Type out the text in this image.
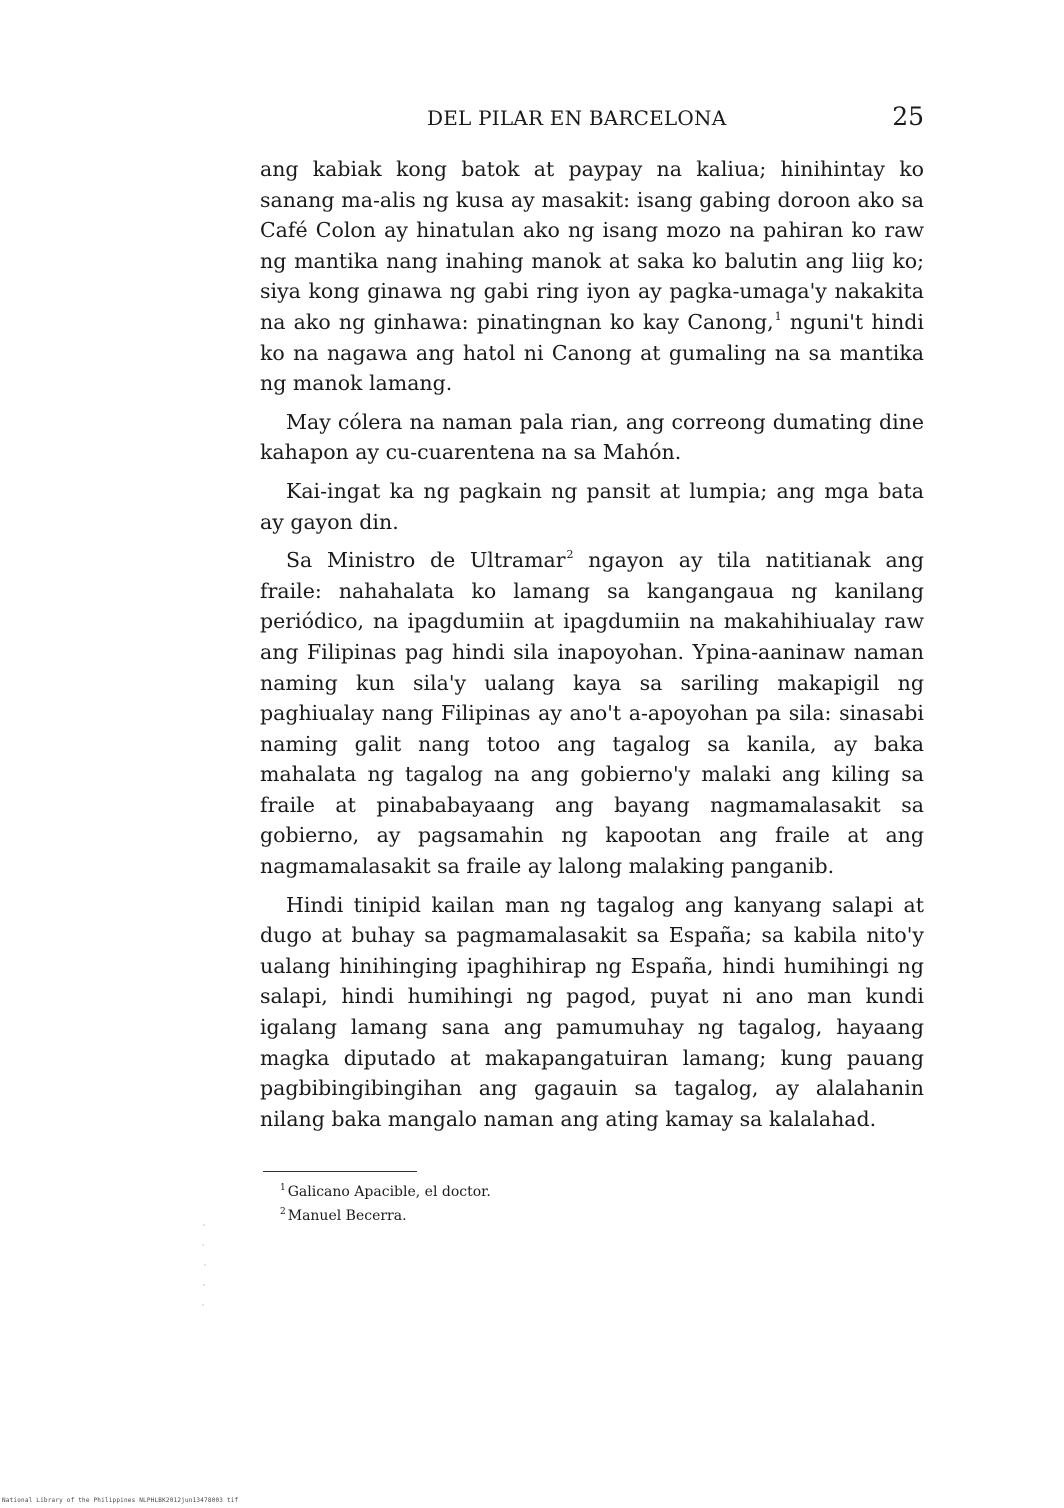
DEL PILAR EN BARCELONA	25

ang kabiak kong batok at paypay na kaliua; hinihintay ko sanang ma-alis ng kusa ay masakit: isang gabing doroon ako sa Café Colon ay hinatulan ako ng isang mozo na pahiran ko raw ng mantika nang inahing manok at saka ko balutin ang liig ko; siya kong ginawa ng gabi ring iyon ay pagka-umaga'y nakakita na ako ng ginhawa: pinatingnan ko kay Canong,$^1$ nguni't hindi ko na nagawa ang hatol ni Canong at gumaling na sa mantika ng manok lamang.

May cólera na naman pala rian, ang correong dumating dine kahapon ay cu-cuarentena na sa Mahón.

Kai-ingat ka ng pagkain ng pansit at lumpia; ang mga bata ay gayon din.

Sa Ministro de Ultramar$^2$ ngayon ay tila natitianak ang fraile: nahahalata ko lamang sa kangangaua ng kanilang periódico, na ipagdumiin at ipagdumiin na makahihiualay raw ang Filipinas pag hindi sila inapoyohan. Ypina-aaninaw naman naming kun sila'y ualang kaya sa sariling makapigil ng paghiualay nang Filipinas ay ano't a-apoyohan pa sila: sinasabi naming galit nang totoo ang tagalog sa kanila, ay baka mahalata ng tagalog na ang gobierno'y malaki ang kiling sa fraile at pinababayaang ang bayang nagmamalasakit sa gobierno, ay pagsamahin ng kapootan ang fraile at ang nagmamalasakit sa fraile ay lalong malaking panganib.

Hindi tinipid kailan man ng tagalog ang kanyang salapi at dugo at buhay sa pagmamalasakit sa España; sa kabila nito'y ualang hinihinging ipaghihirap ng España, hindi humihingi ng salapi, hindi humihingi ng pagod, puyat ni ano man kundi igalang lamang sana ang pamumuhay ng tagalog, hayaang magka diputado at makapangatuiran lamang; kung pauang pagbibingibingihan ang gagauin sa tagalog, ay alalahanin nilang baka mangalo naman ang ating kamay sa kalalahad.

$^1$ Galicano Apacible, el doctor.

$^2$ Manuel Becerra.

National Library of the Philippines NLPHLBK2012jun13478003 tif
